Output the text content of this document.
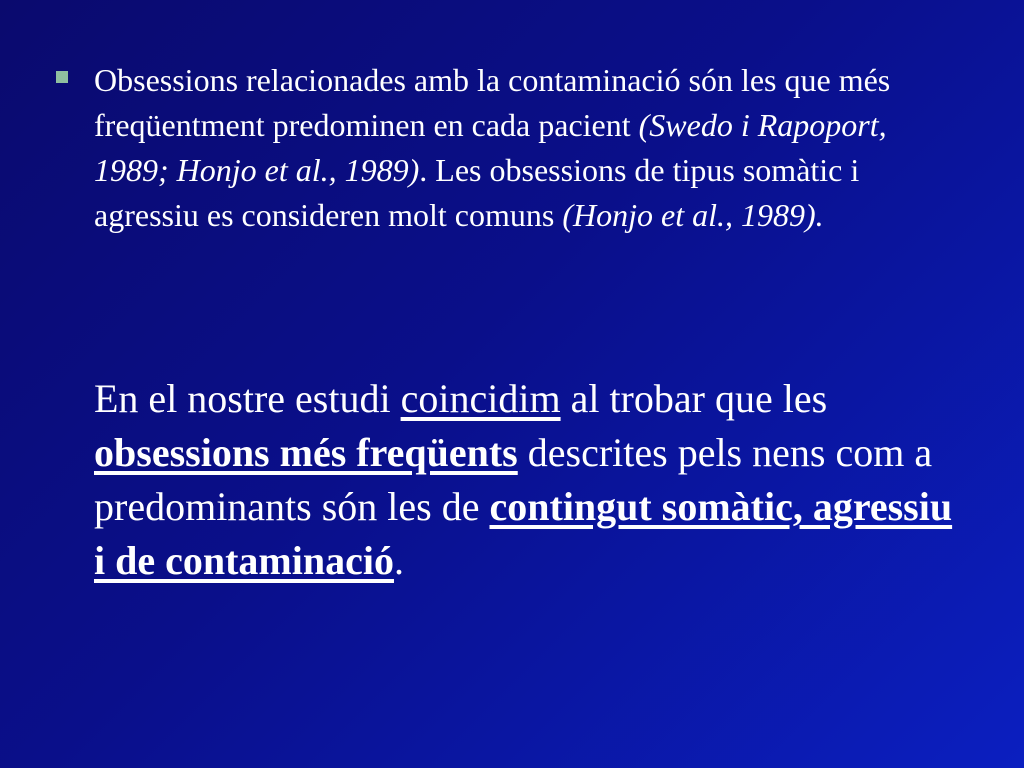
Obsessions relacionades amb la contaminació són les que més freqüentment predominen en cada pacient (Swedo i Rapoport, 1989; Honjo et al., 1989). Les obsessions de tipus somàtic i agressiu es consideren molt comuns (Honjo et al., 1989).
En el nostre estudi coincidim al trobar que les obsessions més freqüents descrites pels nens com a predominants són les de contingut somàtic, agressiu i de contaminació.
